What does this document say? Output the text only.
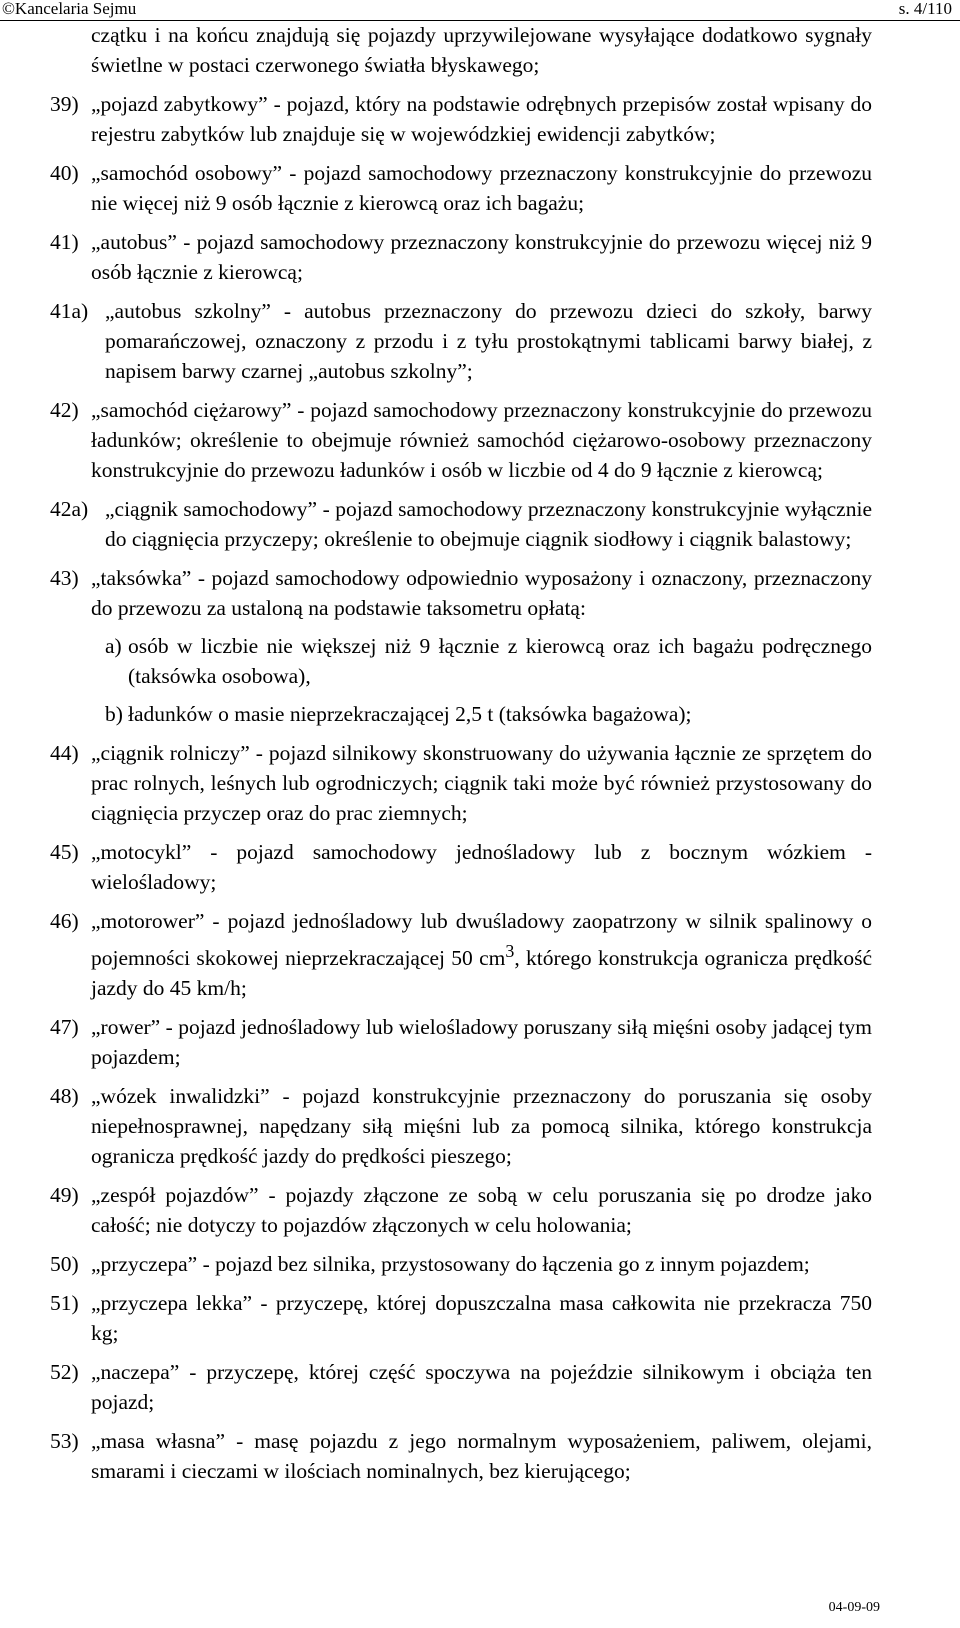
©Kancelaria Sejmu	s. 4/110

czątku i na końcu znajdują się pojazdy uprzywilejowane wysyłające dodatkowo sygnały świetlne w postaci czerwonego światła błyskawego;

39) „pojazd zabytkowy” - pojazd, który na podstawie odrębnych przepisów został wpisany do rejestru zabytków lub znajduje się w wojewódzkiej ewidencji zabytków;

40) „samochód osobowy” - pojazd samochodowy przeznaczony konstrukcyjnie do przewozu nie więcej niż 9 osób łącznie z kierowcą oraz ich bagażu;

41) „autobus” - pojazd samochodowy przeznaczony konstrukcyjnie do przewozu więcej niż 9 osób łącznie z kierowcą;

41a) „autobus szkolny” - autobus przeznaczony do przewozu dzieci do szkoły, barwy pomarańczowej, oznaczony z przodu i z tyłu prostokątnymi tablicami barwy białej, z napisem barwy czarnej „autobus szkolny”;

42) „samochód ciężarowy” - pojazd samochodowy przeznaczony konstrukcyjnie do przewozu ładunków; określenie to obejmuje również samochód ciężarowo-osobowy przeznaczony konstrukcyjnie do przewozu ładunków i osób w liczbie od 4 do 9 łącznie z kierowcą;

42a) „ciągnik samochodowy” - pojazd samochodowy przeznaczony konstrukcyjnie wyłącznie do ciągnięcia przyczepy; określenie to obejmuje ciągnik siodłowy i ciągnik balastowy;

43) „taksówka” - pojazd samochodowy odpowiednio wyposażony i oznaczony, przeznaczony do przewozu za ustaloną na podstawie taksometru opłatą:

a) osób w liczbie nie większej niż 9 łącznie z kierowcą oraz ich bagażu podręcznego (taksówka osobowa),

b) ładunków o masie nieprzekraczającej 2,5 t (taksówka bagażowa);

44) „ciągnik rolniczy” - pojazd silnikowy skonstruowany do używania łącznie ze sprzętem do prac rolnych, leśnych lub ogrodniczych; ciągnik taki może być również przystosowany do ciągnięcia przyczep oraz do prac ziemnych;

45) „motocykl” - pojazd samochodowy jednośladowy lub z bocznym wózkiem - wielośladowy;

46) „motorower” - pojazd jednośladowy lub dwuśladowy zaopatrzony w silnik spalinowy o pojemności skokowej nieprzekraczającej 50 $cm^3$, którego konstrukcja ogranicza prędkość jazdy do 45 km/h;

47) „rower” - pojazd jednośladowy lub wielośladowy poruszany siłą mięśni osoby jadącej tym pojazdem;

48) „wózek inwalidzki” - pojazd konstrukcyjnie przeznaczony do poruszania się osoby niepełnosprawnej, napędzany siłą mięśni lub za pomocą silnika, którego konstrukcja ogranicza prędkość jazdy do prędkości pieszego;

49) „zespół pojazdów” - pojazdy złączone ze sobą w celu poruszania się po drodze jako całość; nie dotyczy to pojazdów złączonych w celu holowania;

50) „przyczepa” - pojazd bez silnika, przystosowany do łączenia go z innym pojazdem;

51) „przyczepa lekka” - przyczepę, której dopuszczalna masa całkowita nie przekracza 750 kg;

52) „naczepa” - przyczepę, której część spoczywa na pojeździe silnikowym i obciąża ten pojazd;

53) „masa własna” - masę pojazdu z jego normalnym wyposażeniem, paliwem, olejami, smarami i cieczami w ilościach nominalnych, bez kierującego;

04-09-09
